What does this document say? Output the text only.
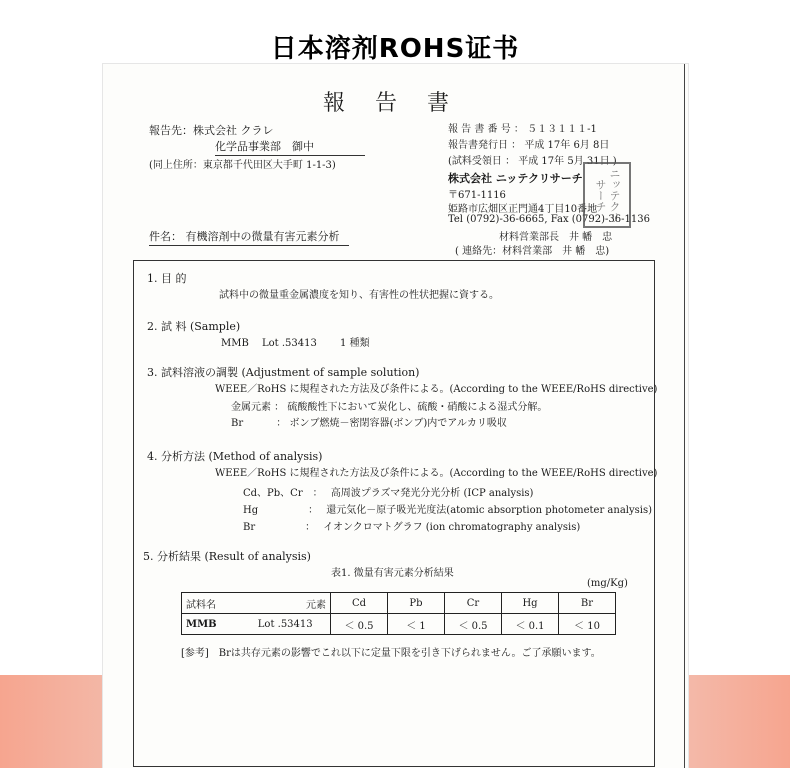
日本溶剂ROHS证书
報告書
報告先：株式会社 クラレ
化学品事業部　御中
(同上住所：東京都千代田区大手町 1-1-3)
報 告 書 番 号 ： ５１３１１１-1
報告書発行日 ： 平成 17年 6月 8日
(試料受領日 ： 平成 17年 5月 31日 )
株式会社 ニッテクリサーチ
〒671-1116
姫路市広畑区正門通4丁目10番地
Tel (0792)-36-6665, Fax (0792)-36-1136
材料営業部長　井 幡　忠
( 連絡先：材料営業部　井 幡　忠)
ニッテクリサーチ
件名： 有機溶剤中の微量有害元素分析
1. 目 的
試料中の微量重金属濃度を知り、有害性の性状把握に資する。
2. 試 料 (Sample)
MMB　 Lot .53413　　 1 種類
3. 試料溶液の調製 (Adjustment of sample solution)
WEEE／RoHS に規程された方法及び条件による。(According to the WEEE/RoHS directive)
金属元素 ： 硫酸酸性下において炭化し、硫酸・硝酸による湿式分解。
Br　　　 ： ボンブ燃焼－密閉容器(ボンブ)内でアルカリ吸収
4. 分析方法 (Method of analysis)
WEEE／RoHS に規程された方法及び条件による。(According to the WEEE/RoHS directive)
Cd、Pb、Cr　：　 高周波プラズマ発光分光分析 (ICP analysis)
Hg　　　　　：　 還元気化－原子吸光光度法(atomic absorption photometer analysis)
Br　　　　　：　 イオンクロマトグラフ (ion chromatography analysis)
5. 分析結果 (Result of analysis)
表1. 微量有害元素分析結果
(mg/Kg)
試料名 元素	Cd	Pb	Cr	Hg	Br
MMB Lot .53413	＜ 0.5	＜ 1	＜ 0.5	＜ 0.1	＜ 10
[参考]　Brは共存元素の影響でこれ以下に定量下限を引き下げられません。ご了承願います。
